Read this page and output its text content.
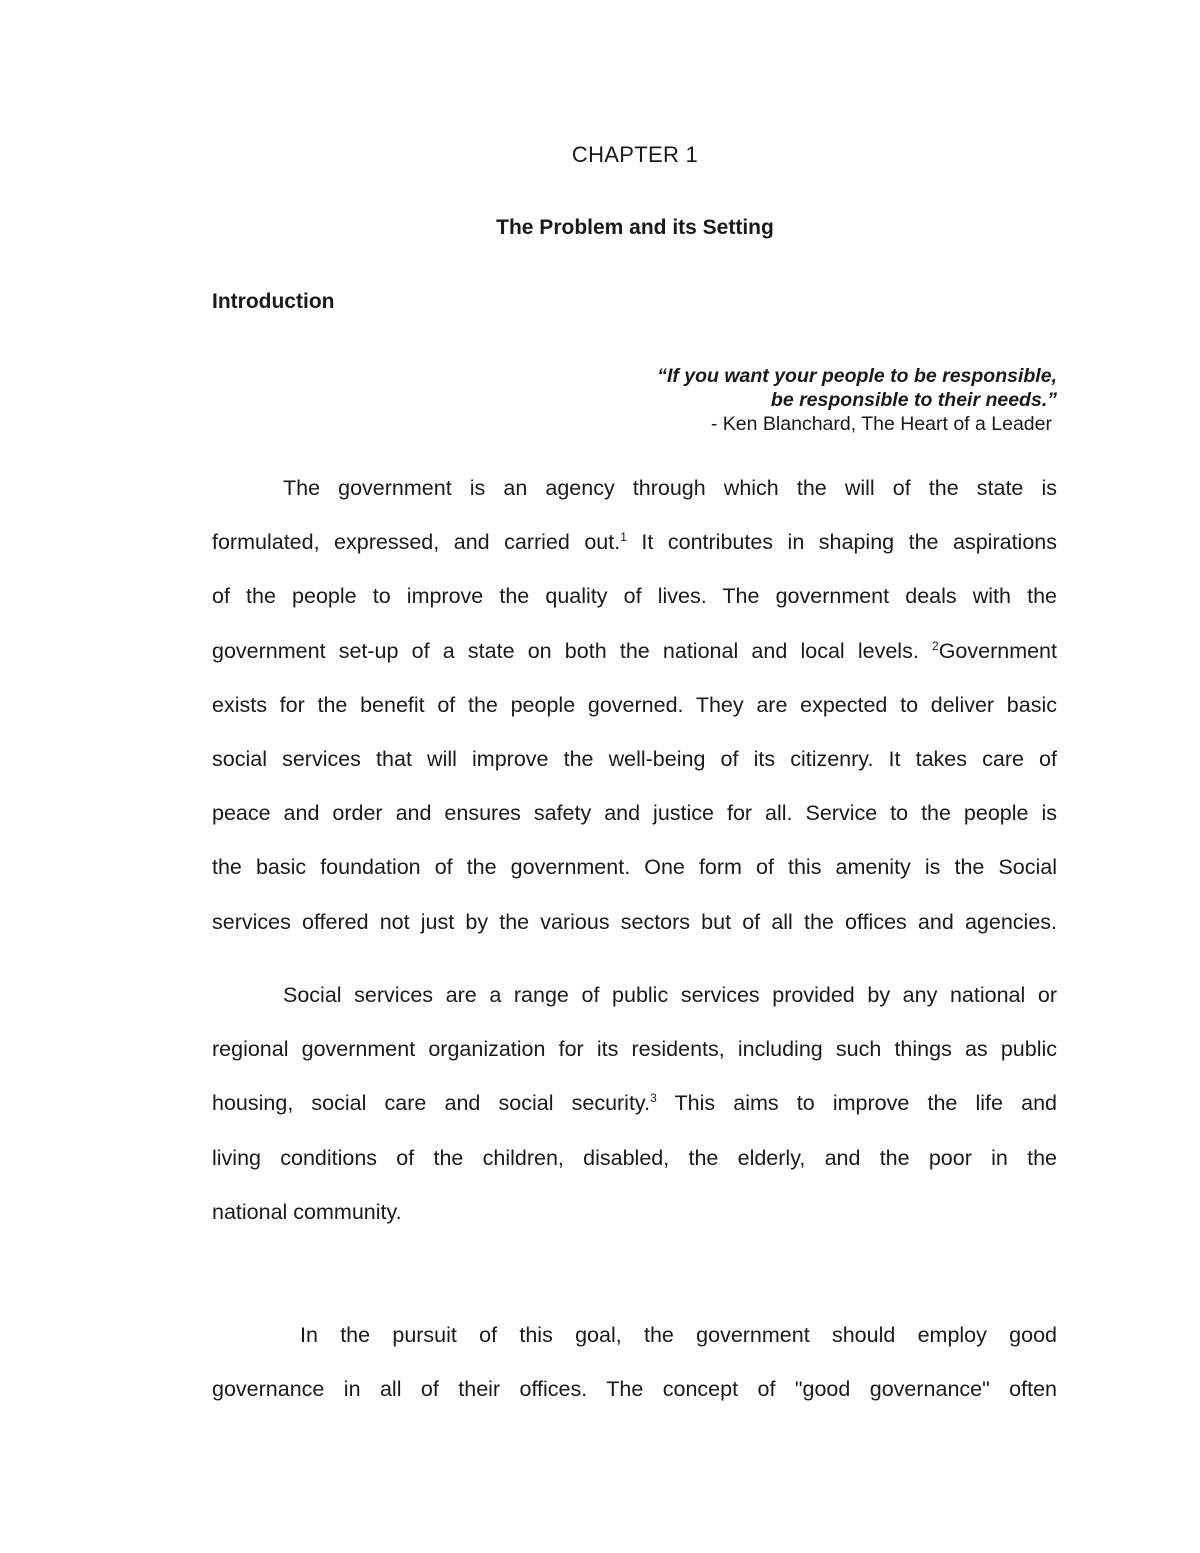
CHAPTER 1
The Problem and its Setting
Introduction
“If you want your people to be responsible,
be responsible to their needs.”
- Ken Blanchard, The Heart of a Leader
The government is an agency through which the will of the state is
formulated, expressed, and carried out.$^1$ It contributes in shaping the aspirations
of the people to improve the quality of lives. The government deals with the
government set-up of a state on both the national and local levels. $^2$Government
exists for the benefit of the people governed. They are expected to deliver basic
social services that will improve the well-being of its citizenry. It takes care of
peace and order and ensures safety and justice for all. Service to the people is
the basic foundation of the government. One form of this amenity is the Social
services offered not just by the various sectors but of all the offices and agencies.
Social services are a range of public services provided by any national or
regional government organization for its residents, including such things as public
housing, social care and social security.$^3$ This aims to improve the life and
living conditions of the children, disabled, the elderly, and the poor in the
national community.
In the pursuit of this goal, the government should employ good
governance in all of their offices. The concept of "good governance" often
